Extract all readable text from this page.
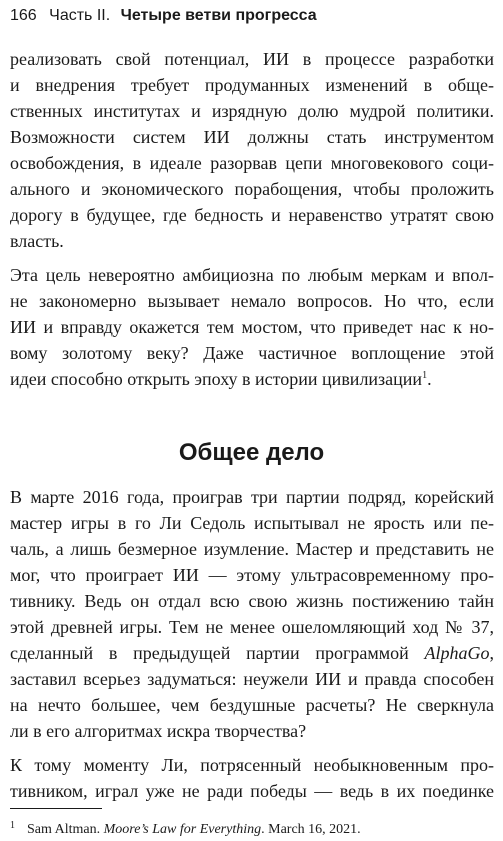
166 Часть II. Четыре ветви прогресса
реализовать свой потенциал, ИИ в процессе разработки
и внедрения требует продуманных изменений в обще-
ственных институтах и изрядную долю мудрой политики.
Возможности систем ИИ должны стать инструментом
освобождения, в идеале разорвав цепи многовекового соци-
ального и экономического порабощения, чтобы проложить
дорогу в будущее, где бедность и неравенство утратят свою
власть.
Эта цель невероятно амбициозна по любым меркам и впол-
не закономерно вызывает немало вопросов. Но что, если
ИИ и вправду окажется тем мостом, что приведет нас к но-
вому золотому веку? Даже частичное воплощение этой
идеи способно открыть эпоху в истории цивилизации$^1$.
Общее дело
В марте 2016 года, проиграв три партии подряд, корейский
мастер игры в го Ли Седоль испытывал не ярость или пе-
чаль, а лишь безмерное изумление. Мастер и представить не
мог, что проиграет ИИ — этому ультрасовременному про-
тивнику. Ведь он отдал всю свою жизнь постижению тайн
этой древней игры. Тем не менее ошеломляющий ход № 37,
сделанный в предыдущей партии программой AlphaGo,
заставил всерьез задуматься: неужели ИИ и правда способен
на нечто большее, чем бездушные расчеты? Не сверкнула
ли в его алгоритмах искра творчества?
К тому моменту Ли, потрясенный необыкновенным про-
тивником, играл уже не ради победы — ведь в их поединке
$^1$ Sam Altman. Moore’s Law for Everything. March 16, 2021.
